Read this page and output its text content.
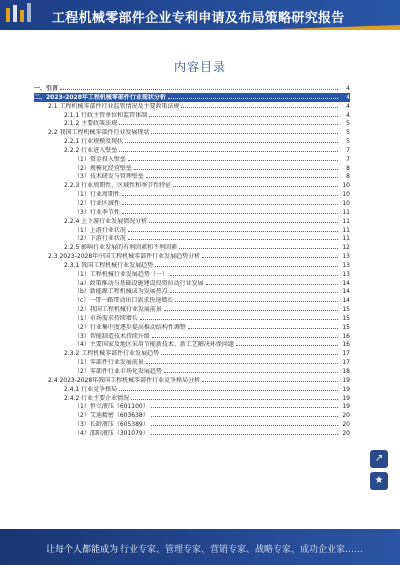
工程机械零部件企业专利申请及布局策略研究报告
内容目录
一、引言	4
二、2023-2028年工程机械零部件行业现状分析	4
2.1 工程机械零部件行业监管情况及主要政策法规	4
2.1.1 行政主管单位和监管体制	4
2.1.2 主要政策法规	5
2.2 我国工程机械零部件行业发展现状	5
2.2.1 行业规模及现状	5
2.2.2 行业进入壁垒	7
（1）资金投入壁垒	7
（2）规模化经营壁垒	8
（3）技术研发与管理壁垒	8
2.2.3 行业周期性、区域性和季节性特征	10
（1）行业周期性	10
（2）行业区域性	10
（3）行业季节性	11
2.2.4 上下游行业发展情况分析	11
（1）上游行业状况	11
（2）下游行业状况	11
2.2.5 影响行业发展的有利因素和不利因素	12
2.3 2023-2028年中国工程机械零部件行业发展趋势分析	13
2.3.1 我国工程机械行业发展趋势	13
（1）工程机械行业发展趋势（一）	13
（a）政策推动与基础设施建设投资拉动行业发展	14
（b）新能源工程机械成为发展热点	14
（c）一带一路带动出口需求快速增长	14
（2）我国工程机械行业发展前景	15
（1）市场需求持续增长	15
（2）行业集中度逐步提高推动结构性调整	15
（3）智能制造技术持续升级	16
（4）主要国家及地区采用节能新技术、新工艺解决环保问题	16
2.3.2 工程机械零部件行业发展趋势	17
（1）零部件行业发展前景	17
（2）零部件行业市场化发展趋势	18
2.4 2023-2028年我国工程机械零部件行业竞争格局分析	19
2.4.1 行业竞争格局	19
2.4.2 行业主要企业情况	19
（1）恒立液压（601100）	19
（2）艾迪精密（603638）	20
（3）长龄液压（605389）	20
（4）邵阳液压（301079）	20
↗
★
让每个人都能成为 行业专家、管理专家、营销专家、战略专家、成功企业家……
